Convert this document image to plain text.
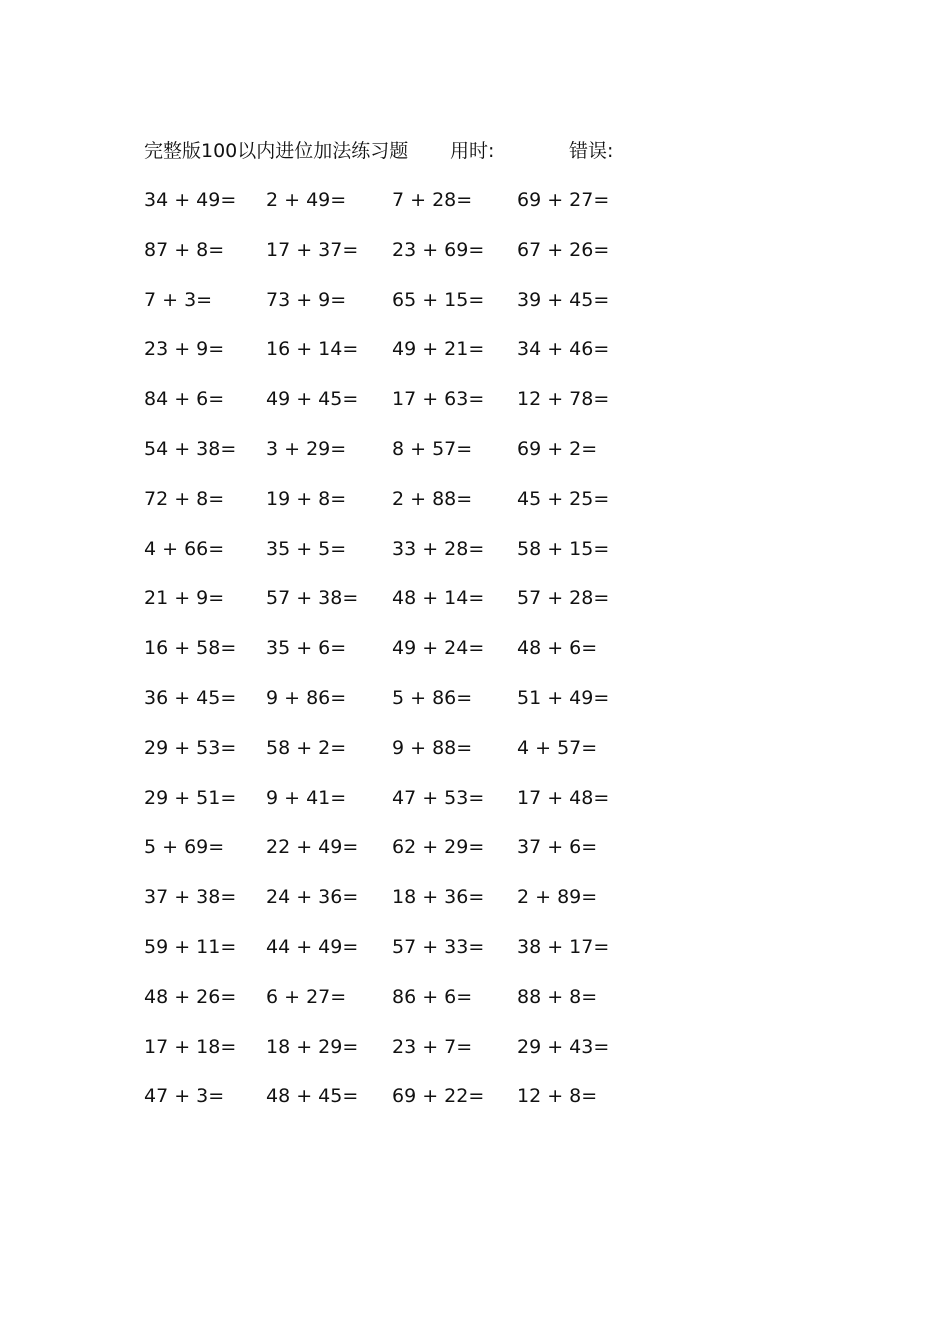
完整版100以内进位加法练习题 用时:	错误:
34 + 49= 2 + 49= 7 + 28= 69 + 27=
87 + 8= 17 + 37= 23 + 69= 67 + 26=
7 + 3=	73 + 9= 65 + 15= 39 + 45=
23 + 9= 16 + 14= 49 + 21= 34 + 46=
84 + 6= 49 + 45= 17 + 63= 12 + 78=
54 + 38= 3 + 29= 8 + 57= 69 + 2=
72 + 8= 19 + 8= 2 + 88= 45 + 25=
4 + 66= 35 + 5= 33 + 28= 58 + 15=
21 + 9= 57 + 38= 48 + 14= 57 + 28=
16 + 58= 35 + 6= 49 + 24= 48 + 6=
36 + 45= 9 + 86= 5 + 86= 51 + 49=
29 + 53= 58 + 2= 9 + 88= 4 + 57=
29 + 51= 9 + 41= 47 + 53= 17 + 48=
5 + 69= 22 + 49= 62 + 29= 37 + 6=
37 + 38= 24 + 36= 18 + 36= 2 + 89=
59 + 11= 44 + 49= 57 + 33= 38 + 17=
48 + 26= 6 + 27= 86 + 6= 88 + 8=
17 + 18= 18 + 29= 23 + 7= 29 + 43=
47 + 3= 48 + 45= 69 + 22= 12 + 8=
